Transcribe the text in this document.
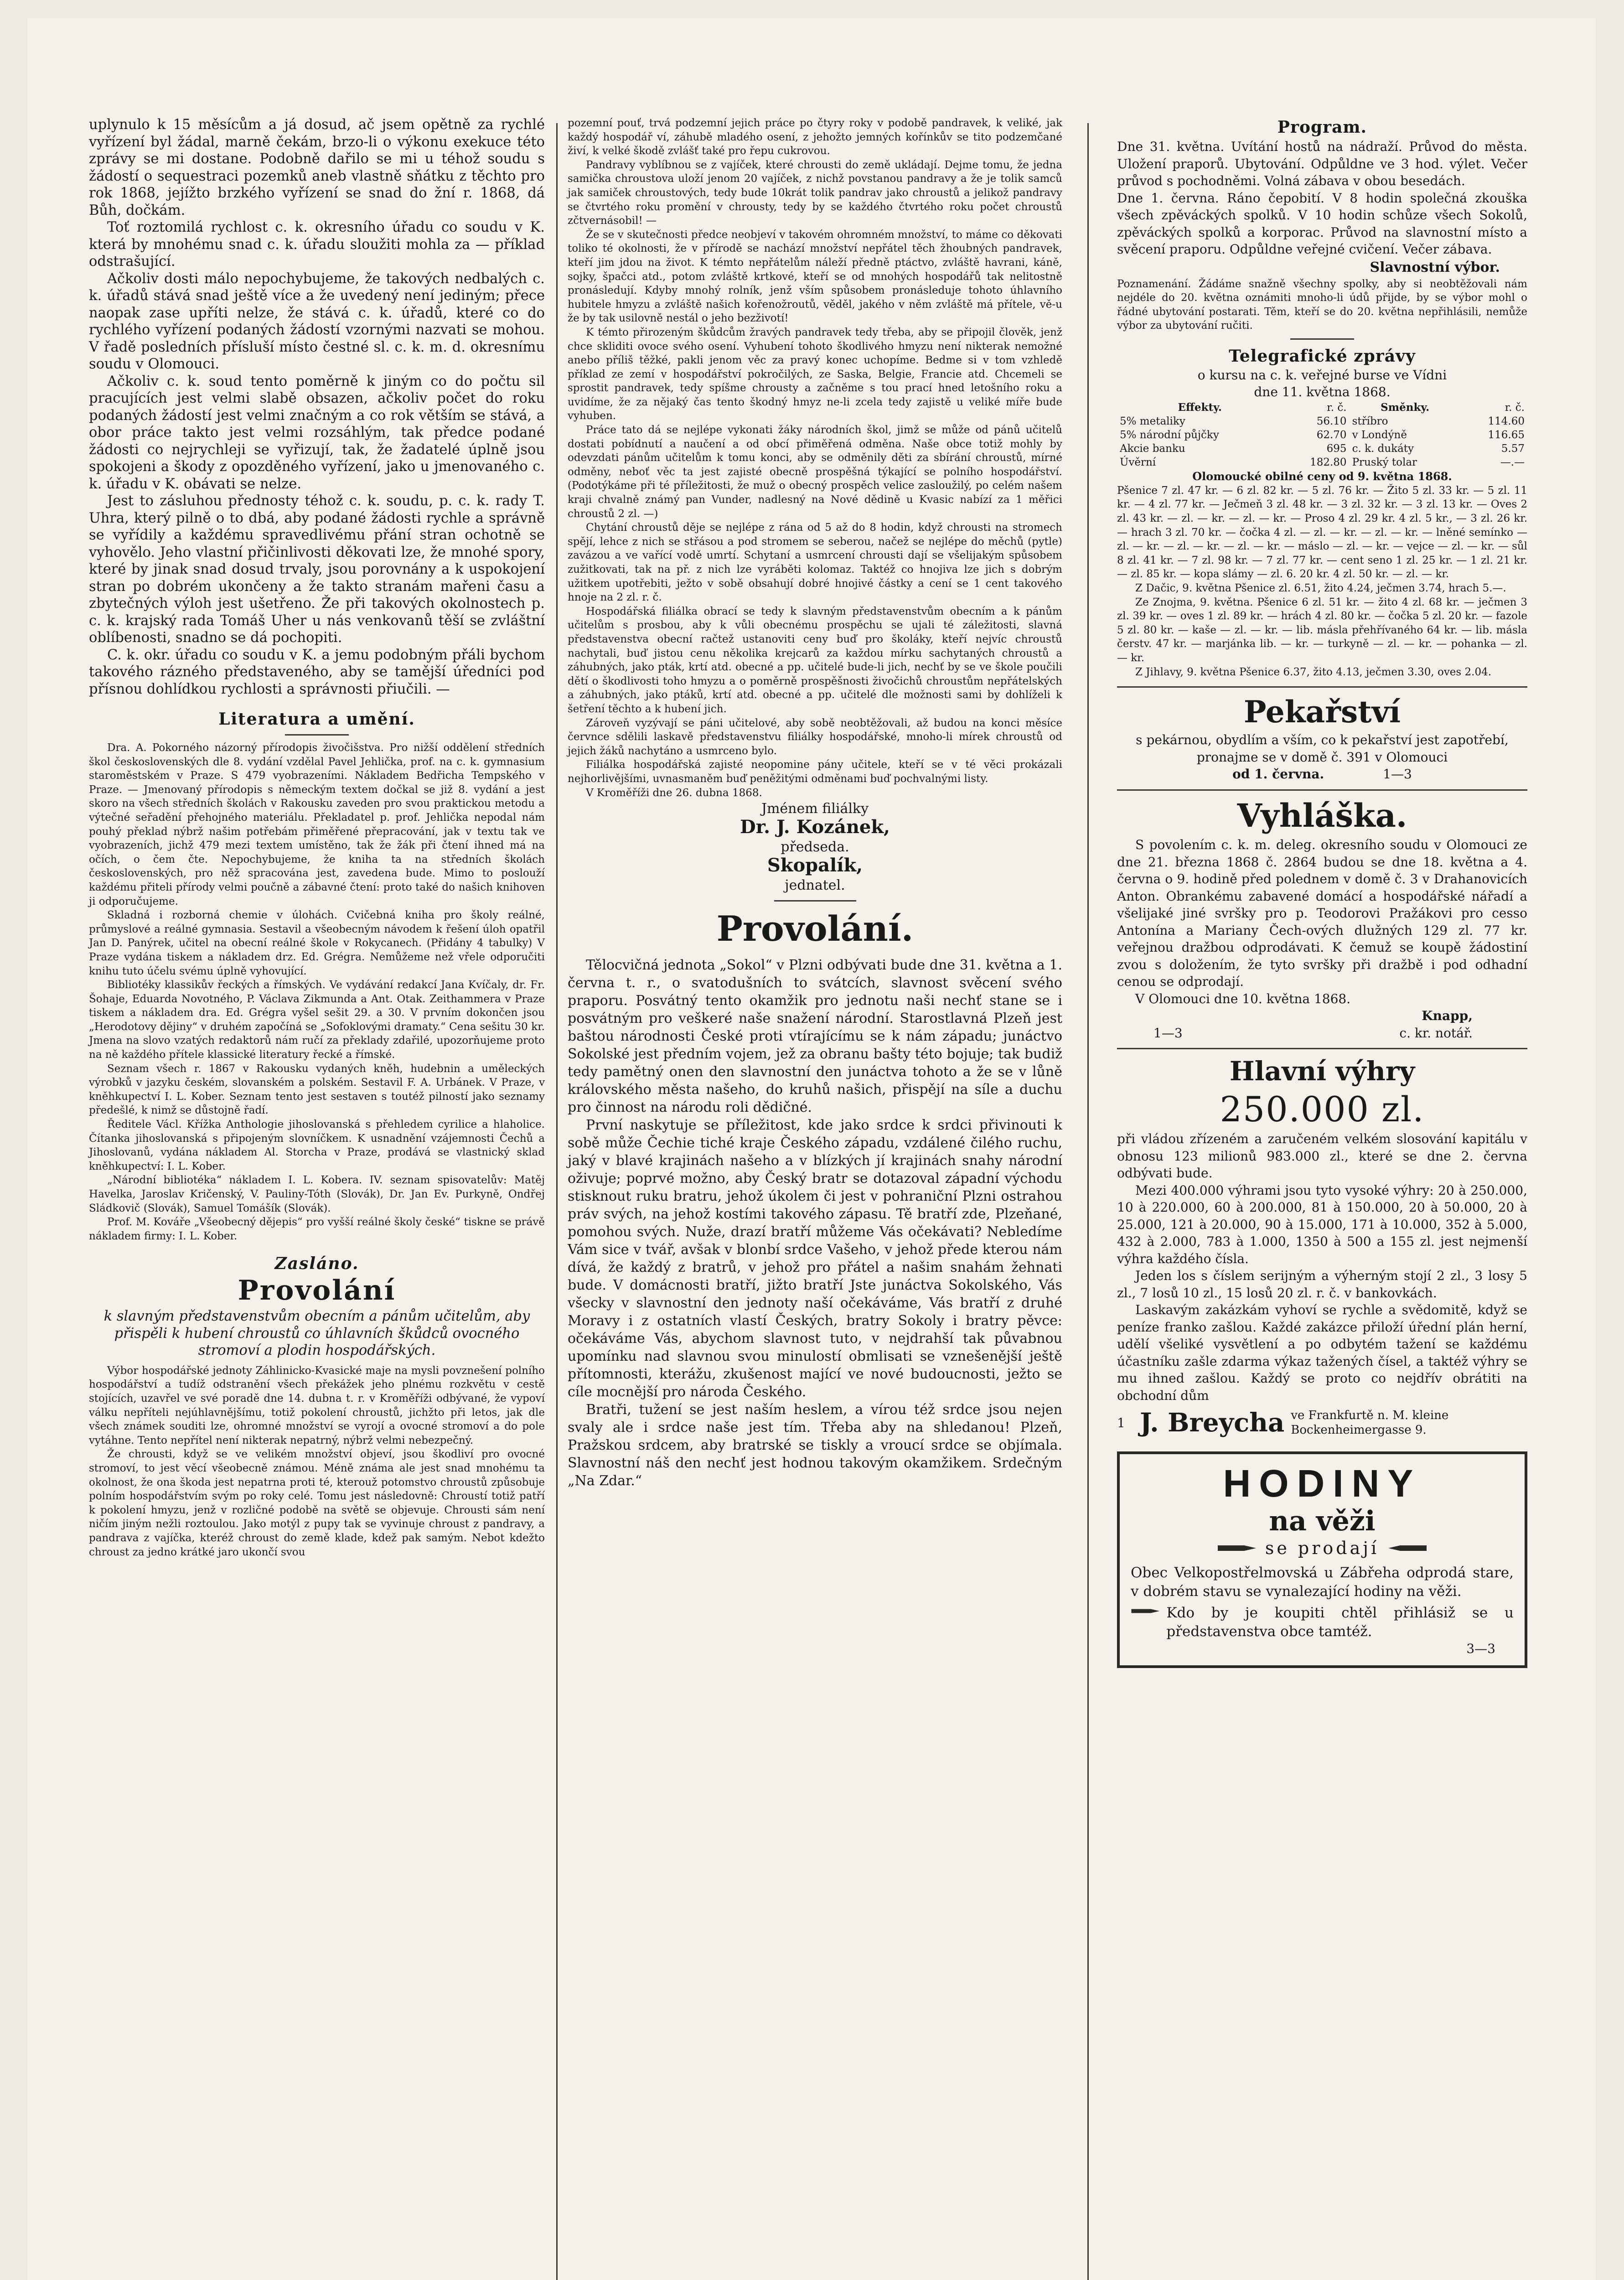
uplynulo k 15 měsícům a já dosud, ač jsem opětně za rychlé vyřízení byl žádal, marně čekám, brzo-li o výkonu exekuce této zprávy se mi dostane. Podobně dařilo se mi u téhož soudu s žádostí o sequestraci pozemků aneb vlastně sňátku z těchto pro rok 1868, jejížto brzkého vyřízení se snad do žní r. 1868, dá Bůh, dočkám.

Toť roztomilá rychlost c. k. okresního úřadu co soudu v K. která by mnohému snad c. k. úřadu sloužiti mohla za — příklad odstrašující.

Ačkoliv dosti málo nepochybujeme, že takových nedbalých c. k. úřadů stává snad ještě více a že uvedený není jediným; přece naopak zase upříti nelze, že stává c. k. úřadů, které co do rychlého vyřízení podaných žádostí vzornými nazvati se mohou. V řadě posledních přísluší místo čestné sl. c. k. m. d. okresnímu soudu v Olomouci.

Ačkoliv c. k. soud tento poměrně k jiným co do počtu sil pracujících jest velmi slabě obsazen, ačkoliv počet do roku podaných žádostí jest velmi značným a co rok větším se stává, a obor práce takto jest velmi rozsáhlým, tak předce podané žádosti co nejrychleji se vyřizují, tak, že žadatelé úplně jsou spokojeni a škody z opozděného vyřízení, jako u jmenovaného c. k. úřadu v K. obávati se nelze.

Jest to zásluhou přednosty téhož c. k. soudu, p. c. k. rady T. Uhra, který pilně o to dbá, aby podané žádosti rychle a správně se vyřídily a každému spravedlivému přání stran ochotně se vyhovělo. Jeho vlastní přičinlivosti děkovati lze, že mnohé spory, které by jinak snad dosud trvaly, jsou porovnány a k uspokojení stran po dobrém ukončeny a že takto stranám mařeni času a zbytečných výloh jest ušetřeno. Že při takových okolnostech p. c. k. krajský rada Tomáš Uher u nás venkovanů těší se zvláštní oblíbenosti, snadno se dá pochopiti.

C. k. okr. úřadu co soudu v K. a jemu podobným přáli bychom takového rázného představeného, aby se tamější úředníci pod přísnou dohlídkou rychlosti a správnosti přiučili. —

Literatura a umění.

Dra. A. Pokorného názorný přírodopis živočišstva. Pro nižší oddělení středních škol československých dle 8. vydání vzdělal Pavel Jehlička, prof. na c. k. gymnasium staroměstském v Praze. S 479 vyobrazeními. Nákladem Bedřicha Tempského v Praze. — Jmenovaný přírodopis s německým textem dočkal se již 8. vydání a jest skoro na všech středních školách v Rakousku zaveden pro svou praktickou metodu a výtečné seřadění přehojného materiálu. Překladatel p. prof. Jehlička nepodal nám pouhý překlad nýbrž našim potřebám přiměřené přepracování, jak v textu tak ve vyobrazeních, jichž 479 mezi textem umístěno, tak že žák při čtení ihned má na očích, o čem čte. Nepochybujeme, že kniha ta na středních školách československých, pro něž spracována jest, zavedena bude. Mimo to poslouží každému přiteli přírody velmi poučně a zábavné čtení: proto také do našich knihoven ji odporučujeme.

Skladná i rozborná chemie v úlohách. Cvičebná kniha pro školy reálné, průmyslové a reálné gymnasia. Sestavil a všeobecným návodem k řešení úloh opatřil Jan D. Panýrek, učitel na obecní reálné škole v Rokycanech. (Přidány 4 tabulky) V Praze vydána tiskem a nákladem drz. Ed. Grégra. Nemůžeme než vřele odporučiti knihu tuto účelu svému úplně vyhovující.

Bibliotéky klassikův řeckých a římských. Ve vydávání redakcí Jana Kvíčaly, dr. Fr. Šohaje, Eduarda Novotného, P. Václava Zikmunda a Ant. Otak. Zeithammera v Praze tiskem a nákladem dra. Ed. Grégra vyšel sešit 29. a 30. V prvním dokončen jsou „Herodotovy dějiny“ v druhém započíná se „Sofoklovými dramaty.“ Cena sešitu 30 kr. Jmena na slovo vzatých redaktorů nám ručí za překlady zdařilé, upozorňujeme proto na ně každého přítele klassické literatury řecké a římské.

Seznam všech r. 1867 v Rakousku vydaných kněh, hudebnin a uměleckých výrobků v jazyku českém, slovanském a polském. Sestavil F. A. Urbánek. V Praze, v kněhkupectví I. L. Kober. Seznam tento jest sestaven s toutéž pilností jako seznamy předešlé, k nimž se důstojně řadí.

Ředitele Václ. Křížka Anthologie jihoslovanská s přehledem cyrilice a hlaholice. Čítanka jihoslovanská s připojeným slovníčkem. K usnadnění vzájemnosti Čechů a Jihoslovanů, vydána nákladem Al. Storcha v Praze, prodává se vlastnický sklad kněhkupectví: I. L. Kober.

„Národní bibliotéka“ nákladem I. L. Kobera. IV. seznam spisovatelův: Matěj Havelka, Jaroslav Kričenský, V. Pauliny-Tóth (Slovák), Dr. Jan Ev. Purkyně, Ondřej Sládkovič (Slovák), Samuel Tomášík (Slovák).

Prof. M. Kováře „Všeobecný dějepis“ pro vyšší reálné školy české“ tiskne se právě nákladem firmy: I. L. Kober.

Zasláno.
Provolání

k slavným představenstvům obecním a pánům učitelům, aby přispěli k hubení chroustů co úhlavních škůdců ovocného stromoví a plodin hospodářských.

Výbor hospodářské jednoty Záhlinicko-Kvasické maje na mysli povznešení polního hospodářství a tudíž odstranění všech překážek jeho plnému rozkvětu v cestě stojících, uzavřel ve své poradě dne 14. dubna t. r. v Kroměříži odbývané, že vypoví válku nepříteli nejúhlavnějšímu, totiž pokolení chroustů, jichžto při letos, jak dle všech známek souditi lze, ohromné množství se vyrojí a ovocné stromoví a do pole vytáhne. Tento nepřítel není nikterak nepatrný, nýbrž velmi nebezpečný.

Že chrousti, když se ve velikém množství objeví, jsou škodliví pro ovocné stromoví, to jest věcí všeobecně známou. Méně známa ale jest snad mnohému ta okolnost, že ona škoda jest nepatrna proti té, kterouž potomstvo chroustů způsobuje polním hospodářstvím svým po roky celé. Tomu jest následovně: Chroustí totiž patří k pokolení hmyzu, jenž v rozličné podobě na světě se objevuje. Chrousti sám není ničím jiným nežli roztoulou. Jako motýl z pupy tak se vyvinuje chroust z pandravy, a pandrava z vajíčka, kteréž chroust do země klade, kdež pak samým. Nebot kdežto chroust za jedno krátké jaro ukončí svou

pozemní pouť, trvá podzemní jejich práce po čtyry roky v podobě pandravek, k veliké, jak každý hospodář ví, záhubě mladého osení, z jehožto jemných kořínkův se tito podzemčané živí, k velké škodě zvlášť také pro řepu cukrovou.

Pandravy vyblíbnou se z vajíček, které chrousti do země ukládají. Dejme tomu, že jedna samička chroustova uloží jenom 20 vajíček, z nichž povstanou pandravy a že je tolik samců jak samiček chroustových, tedy bude 10krát tolik pandrav jako chroustů a jelikož pandravy se čtvrtého roku promění v chrousty, tedy by se každého čtvrtého roku počet chroustů zčtvernásobil! —

Že se v skutečnosti předce neobjeví v takovém ohromném množství, to máme co děkovati toliko té okolnosti, že v přírodě se nachází množství nepřátel těch žhoubných pandravek, kteří jim jdou na život. K témto nepřátelům náleží předně ptáctvo, zvláště havrani, káně, sojky, špačci atd., potom zvláště krtkové, kteří se od mnohých hospodářů tak nelitostně pronásledují. Kdyby mnohý rolník, jenž vším spůsobem pronásleduje tohoto úhlavního hubitele hmyzu a zvláště našich kořenožroutů, věděl, jakého v něm zvláště má přítele, vě-u že by tak usilovně nestál o jeho bezživotí!

K témto přirozeným škůdcům žravých pandravek tedy třeba, aby se připojil člověk, jenž chce skliditi ovoce svého osení. Vyhubení tohoto škodlivého hmyzu není nikterak nemožné anebo příliš těžké, pakli jenom věc za pravý konec uchopíme. Bedme si v tom vzhledě příklad ze zemí v hospodářství pokročilých, ze Saska, Belgie, Francie atd. Chcemeli se sprostit pandravek, tedy spíšme chrousty a začněme s tou prací hned letošního roku a uvidíme, že za nějaký čas tento škodný hmyz ne-li zcela tedy zajistě u veliké míře bude vyhuben.

Práce tato dá se nejlépe vykonati žáky národních škol, jimž se může od pánů učitelů dostati pobídnutí a naučení a od obcí přiměřená odměna. Naše obce totiž mohly by odevzdati pánům učitelům k tomu konci, aby se odměnily děti za sbírání chroustů, mírné odměny, neboť věc ta jest zajisté obecně prospěšná týkající se polního hospodářství. (Podotýkáme při té příležitosti, že muž o obecný prospěch velice zasloužilý, po celém našem kraji chvalně známý pan Vunder, nadlesný na Nové dědině u Kvasic nabízí za 1 měřici chroustů 2 zl. —)

Chytání chroustů děje se nejlépe z rána od 5 až do 8 hodin, když chrousti na stromech spějí, lehce z nich se střásou a pod stromem se seberou, načež se nejlépe do měchů (pytle) zavázou a ve vařící vodě umrtí. Schytaní a usmrcení chrousti dají se všelijakým spůsobem zužitkovati, tak na př. z nich lze vyráběti kolomaz. Taktéž co hnojiva lze jich s dobrým užitkem upotřebiti, ježto v sobě obsahují dobré hnojivé částky a cení se 1 cent takového hnoje na 2 zl. r. č.

Hospodářská filiálka obrací se tedy k slavným představenstvům obecním a k pánům učitelům s prosbou, aby k vůli obecnému prospěchu se ujali té záležitosti, slavná představenstva obecní račtež ustanoviti ceny buď pro školáky, kteří nejvíc chroustů nachytali, buď jistou cenu několika krejcarů za každou mírku sachytaných chroustů a záhubných, jako pták, krtí atd. obecné a pp. učitelé bude-li jich, nechť by se ve škole poučili dětí o škodlivosti toho hmyzu a o poměrně prospěšnosti živočichů chroustům nepřátelských a záhubných, jako ptáků, krtí atd. obecné a pp. učitelé dle možnosti sami by dohlíželi k šetření těchto a k hubení jich.

Zároveň vyzývají se páni učitelové, aby sobě neobtěžovali, až budou na konci měsíce červnce sdělili laskavě představenstvu filiálky hospodářské, mnoho-li mírek chroustů od jejich žáků nachytáno a usmrceno bylo.

Filiálka hospodářská zajisté neopomine pány učitele, kteří se v té věci prokázali nejhorlivějšími, uvnasmaněm buď peněžitými odměnami buď pochvalnými listy.

V Kroměříži dne 26. dubna 1868.

Jménem filiálky
Dr. J. Kozánek,
předseda.
Skopalík,
jednatel.
Provolání.

Tělocvičná jednota „Sokol“ v Plzni odbývati bude dne 31. května a 1. června t. r., o svatodušních to svátcích, slavnost svěcení svého praporu. Posvátný tento okamžik pro jednotu naši nechť stane se i posvátným pro veškeré naše snažení národní. Starostlavná Plzeň jest baštou národnosti České proti vtírajícímu se k nám západu; junáctvo Sokolské jest předním vojem, jež za obranu bašty této bojuje; tak budiž tedy pamětný onen den slavnostní den junáctva tohoto a že se v lůně královského města našeho, do kruhů našich, přispějí na síle a duchu pro činnost na národu roli dědičné.

První naskytuje se příležitost, kde jako srdce k srdci přivinouti k sobě může Čechie tiché kraje Českého západu, vzdálené čilého ruchu, jaký v blavé krajinách našeho a v blízkých jí krajinách snahy národní oživuje; poprvé možno, aby Český bratr se dotazoval západní východu stisknout ruku bratru, jehož úkolem či jest v pohraniční Plzni ostrahou práv svých, na jehož kostími takového zápasu. Tě bratří zde, Plzeňané, pomohou svých. Nuže, drazí bratří můžeme Vás očekávati? Nebledíme Vám sice v tvář, avšak v blonbí srdce Vašeho, v jehož přede kterou nám dívá, že každý z bratrů, v jehož pro přátel a našim snahám žehnati bude. V domácnosti bratří, jižto bratří Jste junáctva Sokolského, Vás všecky v slavnostní den jednoty naší očekáváme, Vás bratří z druhé Moravy i z ostatních vlastí Českých, bratry Sokoly i bratry pěvce: očekáváme Vás, abychom slavnost tuto, v nejdrahší tak půvabnou upomínku nad slavnou svou minulostí obmlisati se vznešenější ještě přítomnosti, kterážu, zkušenost mající ve nové budoucnosti, ježto se cíle mocnější pro národa Českého.

Bratři, tužení se jest naším heslem, a vírou též srdce jsou nejen svaly ale i srdce naše jest tím. Třeba aby na shledanou! Plzeň, Pražskou srdcem, aby bratrské se tiskly a vroucí srdce se objímala. Slavnostní náš den nechť jest hodnou takovým okamžikem. Srdečným „Na Zdar.“

Program.

Dne 31. května. Uvítání hostů na nádraží. Průvod do města. Uložení praporů. Ubytování. Odpůldne ve 3 hod. výlet. Večer průvod s pochodněmi. Volná zábava v obou besedách.

Dne 1. června. Ráno čepobití. V 8 hodin společná zkouška všech zpěváckých spolků. V 10 hodin schůze všech Sokolů, zpěváckých spolků a korporac. Průvod na slavnostní místo a svěcení praporu. Odpůldne veřejné cvičení. Večer zábava.

Slavnostní výbor.

Poznamenání. Žádáme snažně všechny spolky, aby si neobtěžovali nám nejdéle do 20. května oznámiti mnoho-li údů přijde, by se výbor mohl o řádné ubytování postarati. Těm, kteří se do 20. května nepřihlásili, nemůže výbor za ubytování ručiti.

Telegrafické zprávy
o kursu na c. k. veřejné burse ve Vídni
dne 11. května 1868.
Effekty.	r. č.	Směnky.	r. č.
5% metaliky	56.10	stříbro	114.60
5% národní půjčky	62.70	v Londýně	116.65
Akcie banku	695	c. k. dukáty	5.57
Úvěrní	182.80	Pruský tolar	—.—
Olomoucké obilné ceny od 9. května 1868.

Pšenice 7 zl. 47 kr. — 6 zl. 82 kr. — 5 zl. 76 kr. — Žito 5 zl. 33 kr. — 5 zl. 11 kr. — 4 zl. 77 kr. — Ječmeň 3 zl. 48 kr. — 3 zl. 32 kr. — 3 zl. 13 kr. — Oves 2 zl. 43 kr. — zl. — kr. — zl. — kr. — Proso 4 zl. 29 kr. 4 zl. 5 kr., — 3 zl. 26 kr. — hrach 3 zl. 70 kr. — čočka 4 zl. — zl. — kr. — zl. — kr. — lněné semínko — zl. — kr. — zl. — kr. — zl. — kr. — máslo — zl. — kr. — vejce — zl. — kr. — sůl 8 zl. 41 kr. — 7 zl. 98 kr. — 7 zl. 77 kr. — cent seno 1 zl. 25 kr. — 1 zl. 21 kr. — zl. 85 kr. — kopa slámy — zl. 6. 20 kr. 4 zl. 50 kr. — zl. — kr.

Z Dačic, 9. května Pšenice zl. 6.51, žito 4.24, ječmen 3.74, hrach 5.—.

Ze Znojma, 9. května. Pšenice 6 zl. 51 kr. — žito 4 zl. 68 kr. — ječmen 3 zl. 39 kr. — oves 1 zl. 89 kr. — hrách 4 zl. 80 kr. — čočka 5 zl. 20 kr. — fazole 5 zl. 80 kr. — kaše — zl. — kr. — lib. másla přehřívaného 64 kr. — lib. másla čerstv. 47 kr. — marjánka lib. — kr. — turkyně — zl. — kr. — pohanka — zl. — kr.

Z Jihlavy, 9. května Pšenice 6.37, žito 4.13, ječmen 3.30, oves 2.04.

Pekařství

s pekárnou, obydlím a vším, co k pekařství jest zapotřebí, pronajme se v domě č. 391 v Olomouci

od 1. června.	1—3
Vyhláška.

S povolením c. k. m. deleg. okresního soudu v Olomouci ze dne 21. března 1868 č. 2864 budou se dne 18. května a 4. června o 9. hodině před polednem v domě č. 3 v Drahanovicích Anton. Obrankému zabavené domácí a hospodářské nářadí a všelijaké jiné svršky pro p. Teodorovi Pražákovi pro cesso Antonína a Mariany Čech-ových dlužných 129 zl. 77 kr. veřejnou dražbou odprodávati. K čemuž se koupě žádostiní zvou s doložením, že tyto svršky při dražbě i pod odhadní cenou se odprodají.

V Olomouci dne 10. května 1868.
Knapp,
1—3	c. kr. notář.
Hlavní výhry
250.000 zl.

při vládou zřízeném a zaručeném velkém slosování kapitálu v obnosu 123 milionů 983.000 zl., které se dne 2. června odbývati bude.

Mezi 400.000 výhrami jsou tyto vysoké výhry: 20 à 250.000, 10 à 220.000, 60 à 200.000, 81 à 150.000, 20 à 50.000, 20 à 25.000, 121 à 20.000, 90 à 15.000, 171 à 10.000, 352 à 5.000, 432 à 2.000, 783 à 1.000, 1350 à 500 a 155 zl. jest nejmenší výhra každého čísla.

Jeden los s číslem serijným a výherným stojí 2 zl., 3 losy 5 zl., 7 losů 10 zl., 15 losů 20 zl. r. č. v bankovkách.

Laskavým zakázkám vyhoví se rychle a svědomitě, když se peníze franko zašlou. Každé zakázce přiloží úřední plán herní, udělí všeliké vysvětlení a po odbytém tažení se každému účastníku zašle zdarma výkaz tažených čísel, a taktéž výhry se mu ihned zašlou. Každý se proto co nejdřív obrátiti na obchodní dům

1 J. Breycha ve Frankfurtě n. M. kleine
Bockenheimergasse 9.
HODINY
na věži
se prodají

Obec Velkopostřelmovská u Zábřeha odprodá stare, v dobrém stavu se vynalezající hodiny na věži.

Kdo by je koupiti chtěl přihlásiž se u představenstva obce tamtéž.

3—3
